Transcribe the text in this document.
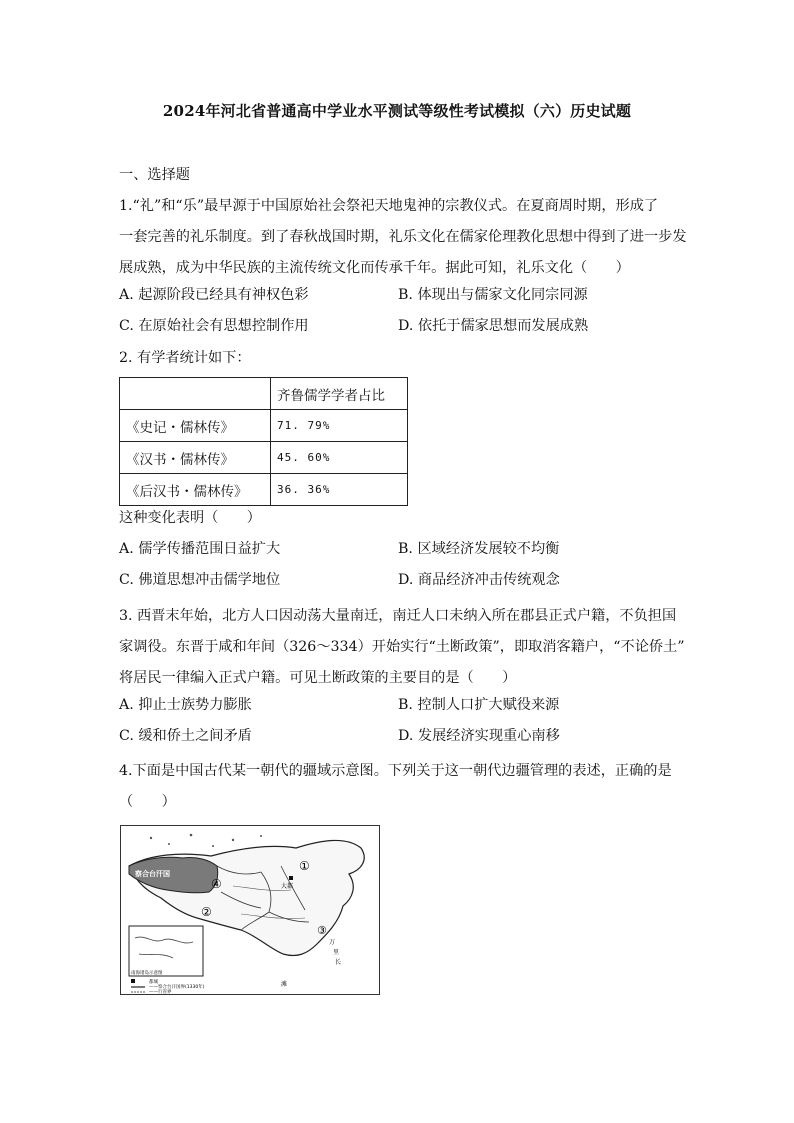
2024年河北省普通高中学业水平测试等级性考试模拟（六）历史试题
一、选择题
1.“礼”和“乐”最早源于中国原始社会祭祀天地鬼神的宗教仪式。在夏商周时期，形成了
一套完善的礼乐制度。到了春秋战国时期，礼乐文化在儒家伦理教化思想中得到了进一步发
展成熟，成为中华民族的主流传统文化而传承千年。据此可知，礼乐文化（　　）
A. 起源阶段已经具有神权色彩	B. 体现出与儒家文化同宗同源
C. 在原始社会有思想控制作用	D. 依托于儒家思想而发展成熟
2. 有学者统计如下：
	齐鲁儒学学者占比
《史记・儒林传》	71. 79%
《汉书・儒林传》	45. 60%
《后汉书・儒林传》	36. 36%
这种变化表明（　　）
A. 儒学传播范围日益扩大	B. 区域经济发展较不均衡
C. 佛道思想冲击儒学地位	D. 商品经济冲击传统观念
3. 西晋末年始，北方人口因动荡大量南迁，南迁人口未纳入所在郡县正式户籍，不负担国
家调役。东晋于咸和年间（326～334）开始实行“土断政策”，即取消客籍户，“不论侨土”
将居民一律编入正式户籍。可见土断政策的主要目的是（　　）
A. 抑止士族势力膨胀	B. 控制人口扩大赋役来源
C. 缓和侨土之间矛盾	D. 发展经济实现重心南移
4.下面是中国古代某一朝代的疆域示意图。下列关于这一朝代边疆管理的表述，正确的是
（　　）
察合台汗国
①
②
③
④	大都
万
里
长
滩
南海诸岛示意图
都城
——察合台汗国界(1330年)
——行省界
